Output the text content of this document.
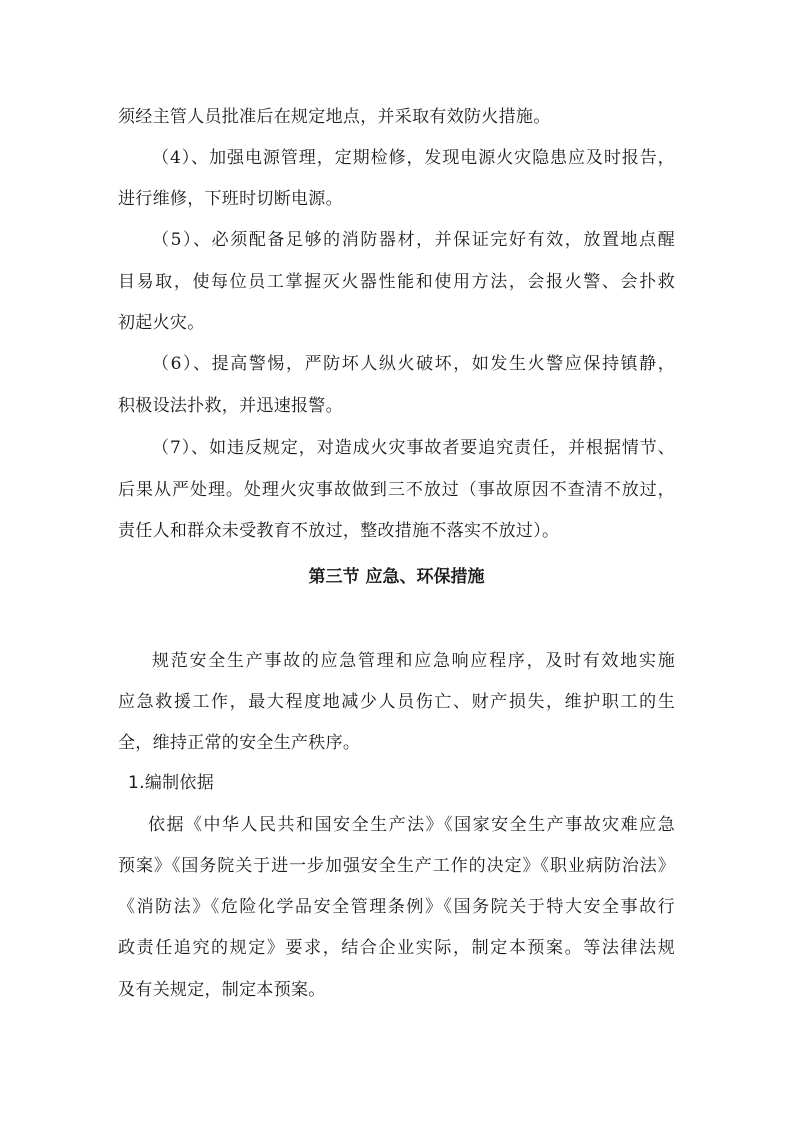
须经主管人员批准后在规定地点，并采取有效防火措施。
（4）、加强电源管理，定期检修，发现电源火灾隐患应及时报告，
进行维修，下班时切断电源。
（5）、必须配备足够的消防器材，并保证完好有效，放置地点醒
目易取，使每位员工掌握灭火器性能和使用方法，会报火警、会扑救
初起火灾。
（6）、提高警惕，严防坏人纵火破坏，如发生火警应保持镇静，
积极设法扑救，并迅速报警。
（7）、如违反规定，对造成火灾事故者要追究责任，并根据情节、
后果从严处理。处理火灾事故做到三不放过（事故原因不查清不放过，
责任人和群众未受教育不放过，整改措施不落实不放过）。
第三节 应急、环保措施
规范安全生产事故的应急管理和应急响应程序，及时有效地实施
应急救援工作，最大程度地减少人员伤亡、财产损失，维护职工的生
全，维持正常的安全生产秩序。
1.编制依据
依据《中华人民共和国安全生产法》《国家安全生产事故灾难应急
预案》《国务院关于进一步加强安全生产工作的决定》《职业病防治法》
《消防法》《危险化学品安全管理条例》《国务院关于特大安全事故行
政责任追究的规定》要求，结合企业实际，制定本预案。等法律法规
及有关规定，制定本预案。
